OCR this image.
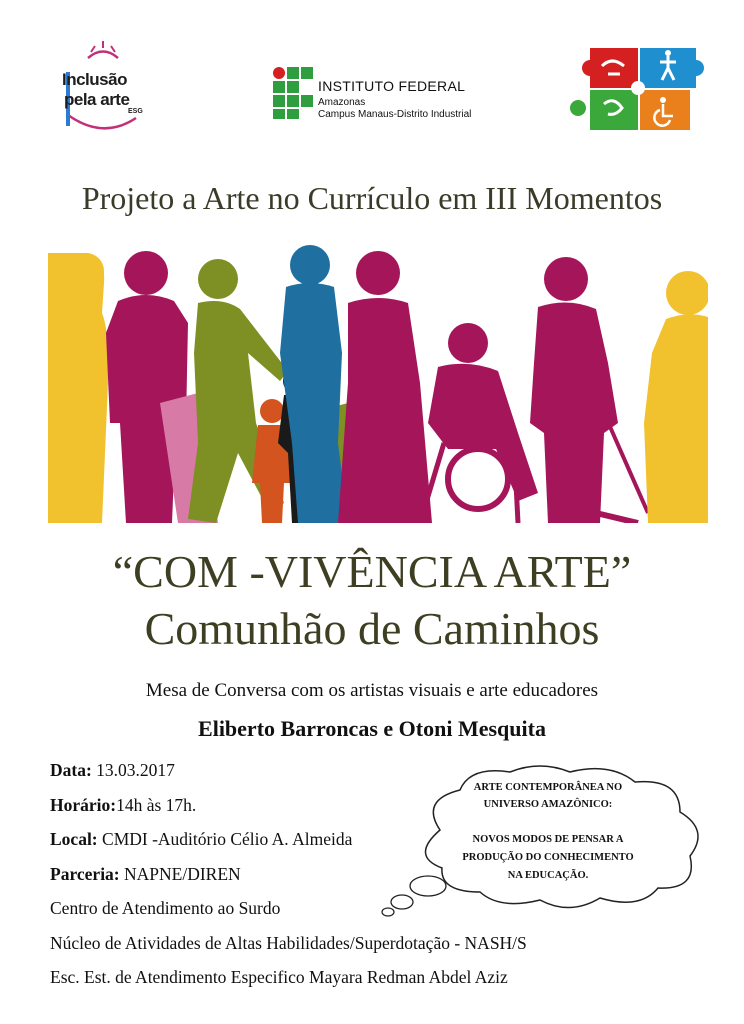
Inclusão
pela arte
ESG
INSTITUTO FEDERAL
Amazonas
Campus Manaus-Distrito Industrial
Projeto a Arte no Currículo em III Momentos
“COM -VIVÊNCIA ARTE”
Comunhão de Caminhos
Mesa de Conversa com os artistas visuais e arte educadores
Eliberto Barroncas e Otoni Mesquita
Data: 13.03.2017
Horário:14h às 17h.
Local: CMDI -Auditório Célio A. Almeida
Parceria: NAPNE/DIREN
Centro de Atendimento ao Surdo
Núcleo de Atividades de Altas Habilidades/Superdotação - NASH/S
Esc. Est. de Atendimento Especifico Mayara Redman Abdel Aziz
ARTE CONTEMPORÂNEA NO
UNIVERSO AMAZÔNICO:
NOVOS MODOS DE PENSAR A
PRODUÇÃO DO CONHECIMENTO
NA EDUCAÇÃO.
